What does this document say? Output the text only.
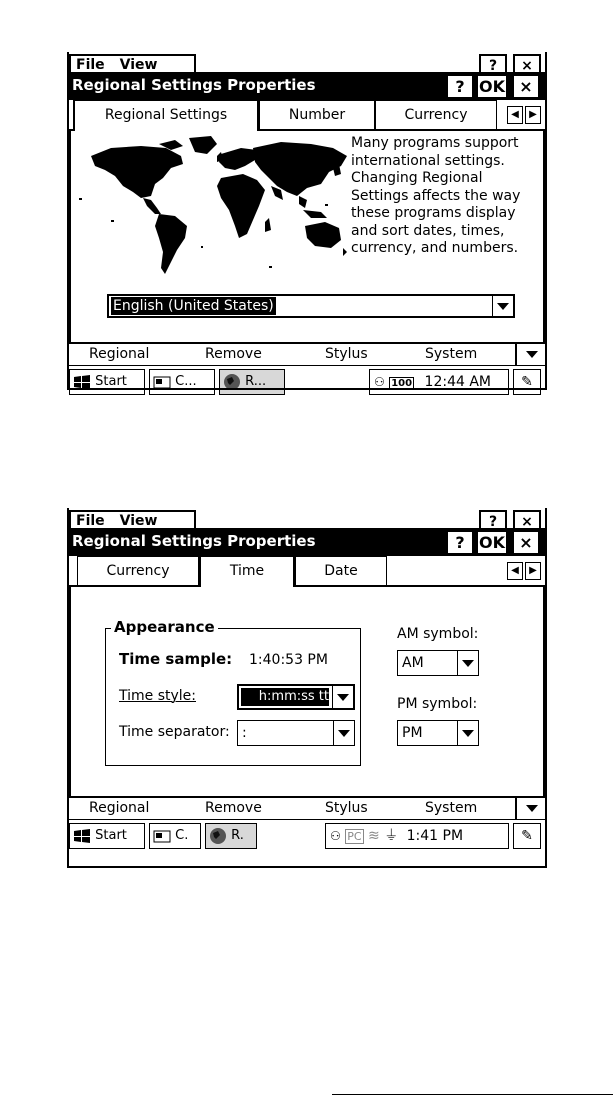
File View	?	×
Regional Settings Properties	? OK ×
Regional Settings	Number	Currency	◀	▶
Many programs support international settings. Changing Regional Settings affects the way these programs display and sort dates, times, currency, and numbers.
English (United States)
Regional	Remove	Stylus	System
Start	C...	R...	⚇ 100 12:44 AM	✎
File View	?	×
Regional Settings Properties	? OK ×
Currency	Time	Date	◀	▶
Appearance
Time sample: 1:40:53 PM
Time style:	h:mm:ss tt
Time separator: :
AM symbol:
AM
PM symbol:
PM
Regional	Remove	Stylus	System
Start	C.	R.	⚇ PC ≋ ⏚ 1:41 PM	✎
